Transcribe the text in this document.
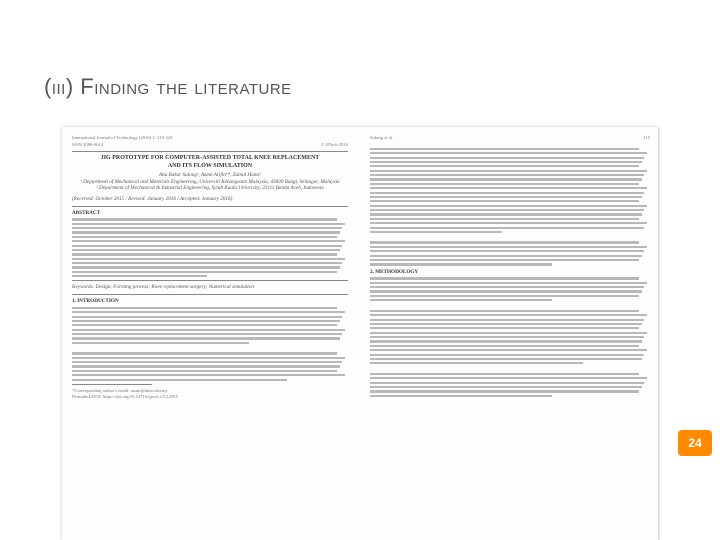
(iii) Finding the literature
International Journal of Technology (2016) 2: 215-223
ISSN 2086-9614	© IJTech 2016
JIG PROTOTYPE FOR COMPUTER-ASSISTED TOTAL KNEE REPLACEMENT
AND ITS FLOW SIMULATION
Abu Bakar Sulong¹, Azam Arifin¹*, Zainal Hamz²
¹ Department of Mechanical and Materials Engineering, Universiti Kebangsaan Malaysia, 43600 Bangi, Selangor, Malaysia
² Department of Mechanical & Industrial Engineering, Syiah Kuala University, 23111 Banda Aceh, Indonesia
(Received: October 2015 / Revised: January 2016 / Accepted: January 2016)
ABSTRACT
Keywords: Design; Forming process; Knee replacement surgery; Numerical simulation
1. INTRODUCTION
*Corresponding author's email: azam@ukm.edu.my
Permalink/DOI: https://doi.org/10.14716/ijtech.v7i2.2815
Sulong et al.	215
2. METHODOLOGY
24
